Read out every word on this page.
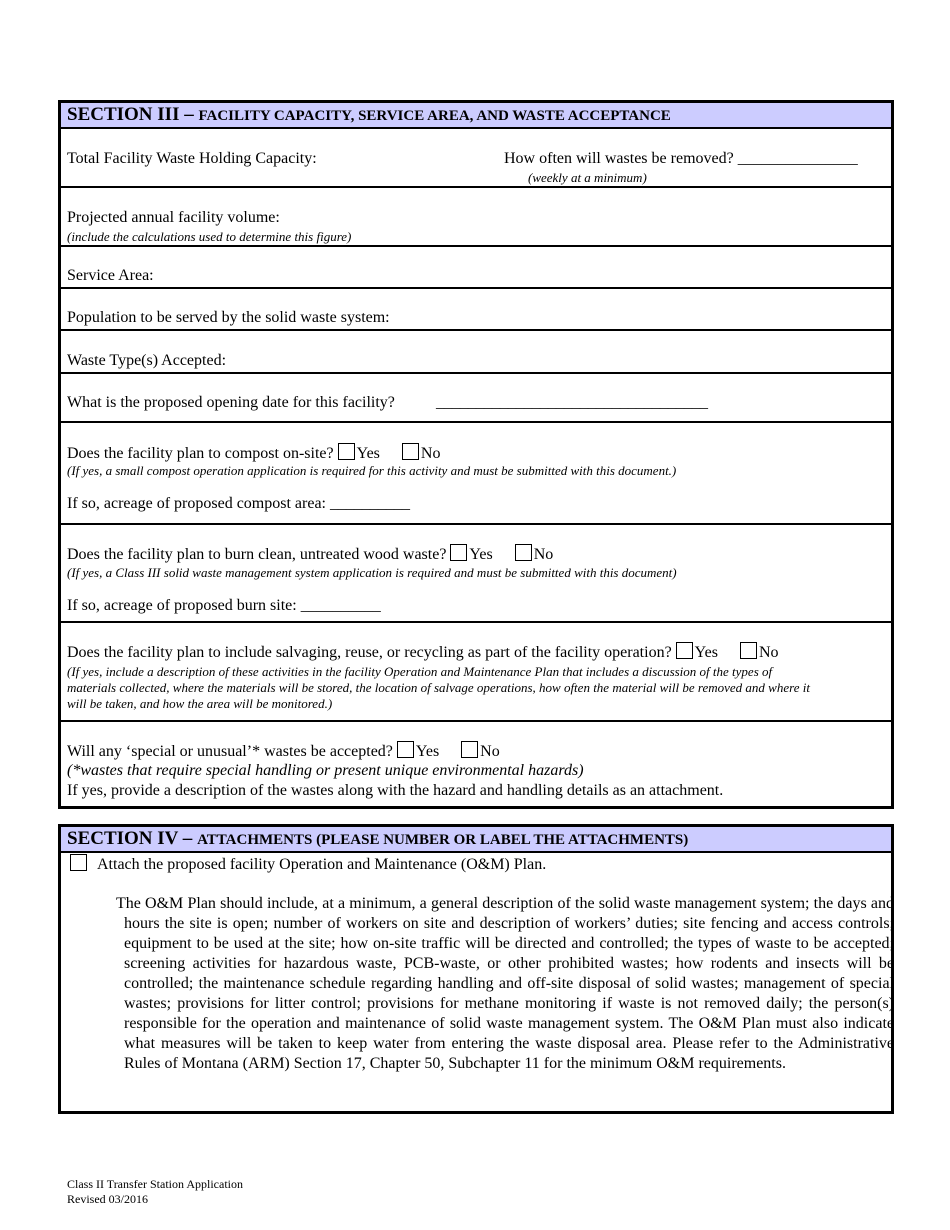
SECTION III – FACILITY CAPACITY, SERVICE AREA, AND WASTE ACCEPTANCE
Total Facility Waste Holding Capacity:	How often will wastes be removed? _______________
(weekly at a minimum)
Projected annual facility volume:
(include the calculations used to determine this figure)
Service Area:
Population to be served by the solid waste system:
Waste Type(s) Accepted:
What is the proposed opening date for this facility?	__________________________________
Does the facility plan to compost on-site? Yes	No
(If yes, a small compost operation application is required for this activity and must be submitted with this document.)
If so, acreage of proposed compost area: __________
Does the facility plan to burn clean, untreated wood waste? Yes	No
(If yes, a Class III solid waste management system application is required and must be submitted with this document)
If so, acreage of proposed burn site: __________
Does the facility plan to include salvaging, reuse, or recycling as part of the facility operation? Yes	No
(If yes, include a description of these activities in the facility Operation and Maintenance Plan that includes a discussion of the types of
materials collected, where the materials will be stored, the location of salvage operations, how often the material will be removed and where it
will be taken, and how the area will be monitored.)
Will any ‘special or unusual’* wastes be accepted? Yes	No
(*wastes that require special handling or present unique environmental hazards)
If yes, provide a description of the wastes along with the hazard and handling details as an attachment.
SECTION IV – ATTACHMENTS (PLEASE NUMBER OR LABEL THE ATTACHMENTS)
Attach the proposed facility Operation and Maintenance (O&M) Plan.
The O&M Plan should include, at a minimum, a general description of the solid waste management system; the days and hours the site is open; number of workers on site and description of workers’ duties; site fencing and access controls; equipment to be used at the site; how on-site traffic will be directed and controlled; the types of waste to be accepted; screening activities for hazardous waste, PCB-waste, or other prohibited wastes; how rodents and insects will be controlled; the maintenance schedule regarding handling and off-site disposal of solid wastes; management of special wastes; provisions for litter control; provisions for methane monitoring if waste is not removed daily; the person(s) responsible for the operation and maintenance of solid waste management system. The O&M Plan must also indicate what measures will be taken to keep water from entering the waste disposal area. Please refer to the Administrative Rules of Montana (ARM) Section 17, Chapter 50, Subchapter 11 for the minimum O&M requirements.
Class II Transfer Station Application
Revised 03/2016
